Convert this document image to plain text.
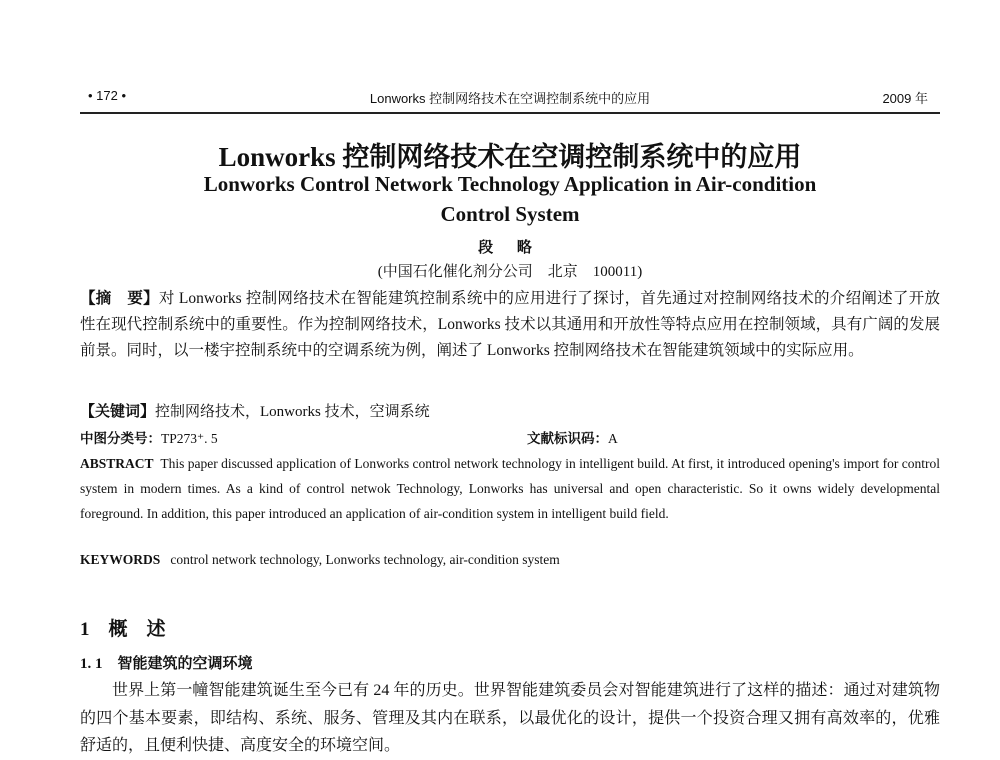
• 172 •	Lonworks 控制网络技术在空调控制系统中的应用	2009 年
Lonworks 控制网络技术在空调控制系统中的应用
Lonworks Control Network Technology Application in Air-condition
Control System
段 略
(中国石化催化剂分公司　北京　100011)
【摘　要】对 Lonworks 控制网络技术在智能建筑控制系统中的应用进行了探讨，首先通过对控制网络技术的介绍阐述了开放性在现代控制系统中的重要性。作为控制网络技术，Lonworks 技术以其通用和开放性等特点应用在控制领域，具有广阔的发展前景。同时，以一楼宇控制系统中的空调系统为例，阐述了 Lonworks 控制网络技术在智能建筑领域中的实际应用。
【关键词】控制网络技术，Lonworks 技术，空调系统
中图分类号：TP273⁺. 5	文献标识码：A
ABSTRACT This paper discussed application of Lonworks control network technology in intelligent build. At first, it introduced opening's import for control system in modern times. As a kind of control netwok Technology, Lonworks has universal and open characteristic. So it owns widely developmental foreground. In addition, this paper introduced an application of air-condition system in intelligent build field.
KEYWORDS control network technology, Lonworks technology, air-condition system
1　概　述
1. 1　智能建筑的空调环境
世界上第一幢智能建筑诞生至今已有 24 年的历史。世界智能建筑委员会对智能建筑进行了这样的描述：通过对建筑物的四个基本要素，即结构、系统、服务、管理及其内在联系，以最优化的设计，提供一个投资合理又拥有高效率的，优雅舒适的，且便利快捷、高度安全的环境空间。
